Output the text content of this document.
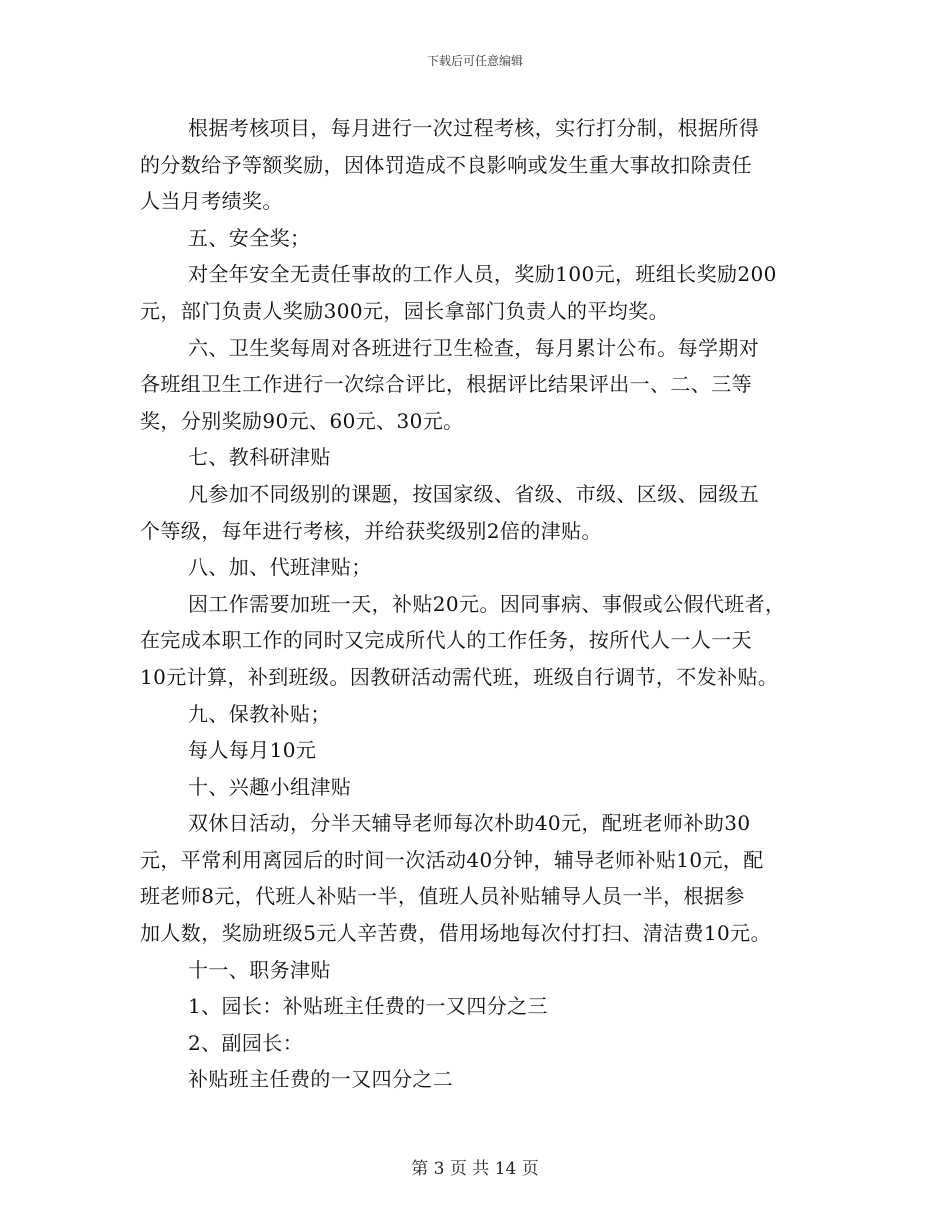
下载后可任意编辑
根据考核项目，每月进行一次过程考核，实行打分制，根据所得
的分数给予等额奖励，因体罚造成不良影响或发生重大事故扣除责任
人当月考绩奖。
五、安全奖；
对全年安全无责任事故的工作人员，奖励100元，班组长奖励200
元，部门负责人奖励300元，园长拿部门负责人的平均奖。
六、卫生奖每周对各班进行卫生检查，每月累计公布。每学期对
各班组卫生工作进行一次综合评比，根据评比结果评出一、二、三等
奖，分别奖励90元、60元、30元。
七、教科研津贴
凡参加不同级别的课题，按国家级、省级、市级、区级、园级五
个等级，每年进行考核，并给获奖级别2倍的津贴。
八、加、代班津贴；
因工作需要加班一天，补贴20元。因同事病、事假或公假代班者，
在完成本职工作的同时又完成所代人的工作任务，按所代人一人一天
10元计算，补到班级。因教研活动需代班，班级自行调节，不发补贴。
九、保教补贴；
每人每月10元
十、兴趣小组津贴
双休日活动，分半天辅导老师每次朴助40元，配班老师补助30
元，平常利用离园后的时间一次活动40分钟，辅导老师补贴10元，配
班老师8元，代班人补贴一半，值班人员补贴辅导人员一半，根据参
加人数，奖励班级5元人辛苦费，借用场地每次付打扫、清洁费10元。
十一、职务津贴
1、园长：补贴班主任费的一又四分之三
2、副园长：
补贴班主任费的一又四分之二
第 3 页 共 14 页
